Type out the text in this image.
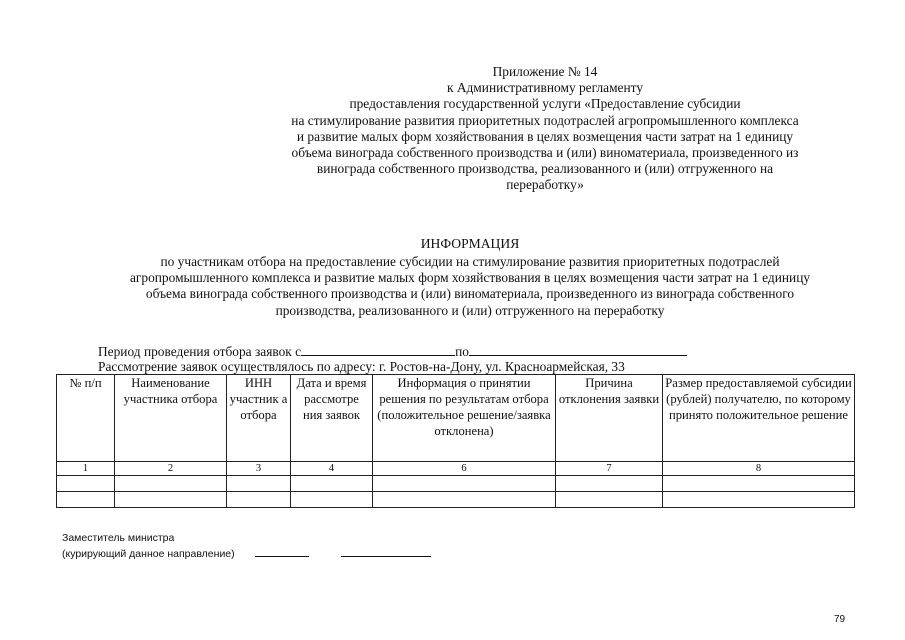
Приложение № 14
к Административному регламенту
предоставления государственной услуги «Предоставление субсидии
на стимулирование развития приоритетных подотраслей агропромышленного комплекса
и развитие малых форм хозяйствования в целях возмещения части затрат на 1 единицу
объема винограда собственного производства и (или) виноматериала, произведенного из
винограда собственного производства, реализованного и (или) отгруженного на
переработку»
ИНФОРМАЦИЯ
по участникам отбора на предоставление субсидии на стимулирование развития приоритетных подотраслей
агропромышленного комплекса и развитие малых форм хозяйствования в целях возмещения части затрат на 1 единицу
объема винограда собственного производства и (или) виноматериала, произведенного из винограда собственного
производства, реализованного и (или) отгруженного на переработку
Период проведения отбора заявок с	по
Рассмотрение заявок осуществлялось по адресу: г. Ростов-на-Дону, ул. Красноармейская, 33
№ п/п	Наименование участника отбора	ИНН участник а отбора	Дата и время рассмотре ния заявок	Информация о принятии решения по результатам отбора (положительное решение/заявка отклонена)	Причина отклонения заявки	Размер предоставляемой субсидии (рублей) получателю, по которому принято положительное решение
1	2	3	4	6	7	8

Заместитель министра
(курирующий данное направление)
79
